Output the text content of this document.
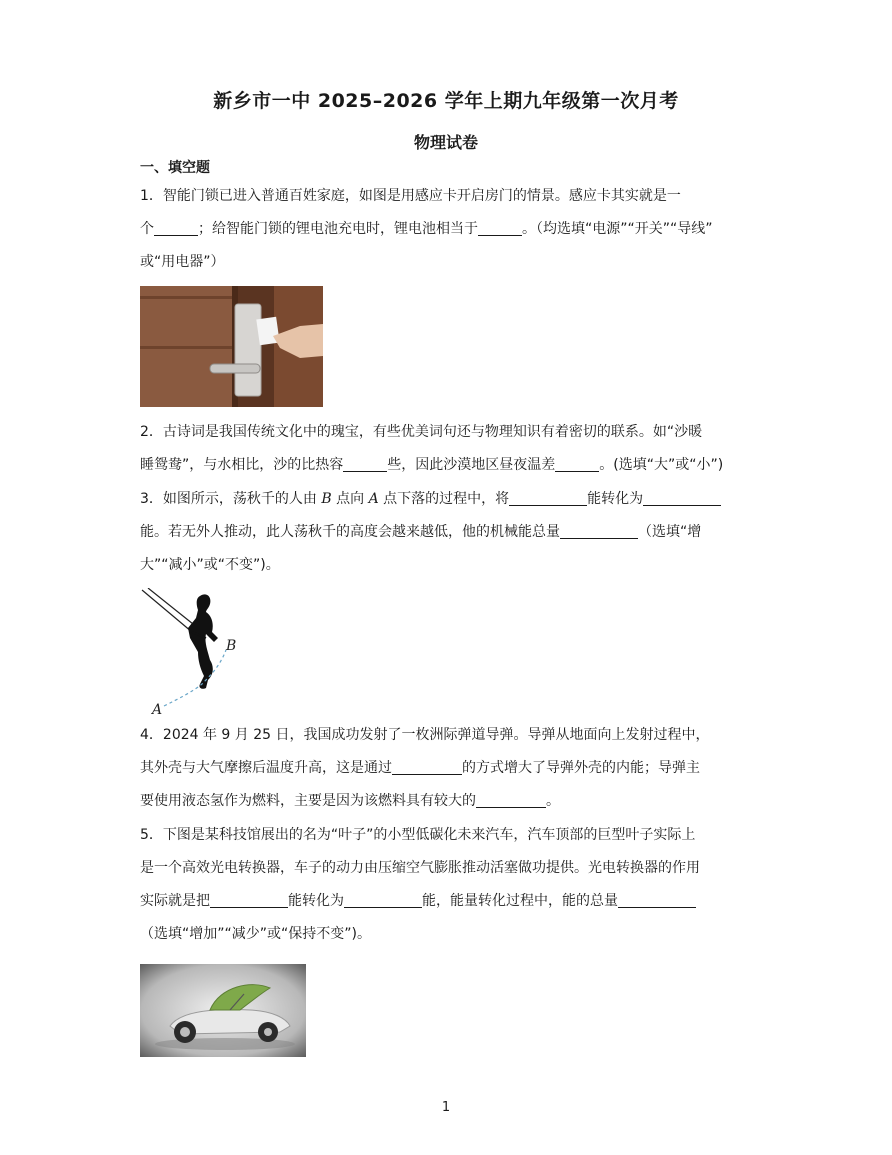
新乡市一中 2025–2026 学年上期九年级第一次月考
物理试卷
一、填空题
1．智能门锁已进入普通百姓家庭，如图是用感应卡开启房门的情景。感应卡其实就是一
个	；给智能门锁的锂电池充电时，锂电池相当于	。（均选填“电源”“开关”“导线”
或“用电器”）
2．古诗词是我国传统文化中的瑰宝，有些优美词句还与物理知识有着密切的联系。如“沙暖
睡鸳鸯”，与水相比，沙的比热容	些，因此沙漠地区昼夜温差	。(选填“大”或“小”)
3．如图所示，荡秋千的人由 B 点向 A 点下落的过程中，将	能转化为
能。若无外人推动，此人荡秋千的高度会越来越低，他的机械能总量	（选填“增
大”“减小”或“不变”)。
B
A
4．2024 年 9 月 25 日，我国成功发射了一枚洲际弹道导弹。导弹从地面向上发射过程中，
其外壳与大气摩擦后温度升高，这是通过	的方式增大了导弹外壳的内能；导弹主
要使用液态氢作为燃料，主要是因为该燃料具有较大的	。
5．下图是某科技馆展出的名为“叶子”的小型低碳化未来汽车，汽车顶部的巨型叶子实际上
是一个高效光电转换器，车子的动力由压缩空气膨胀推动活塞做功提供。光电转换器的作用
实际就是把	能转化为	能，能量转化过程中，能的总量
（选填“增加”“减少”或“保持不变”)。
1
